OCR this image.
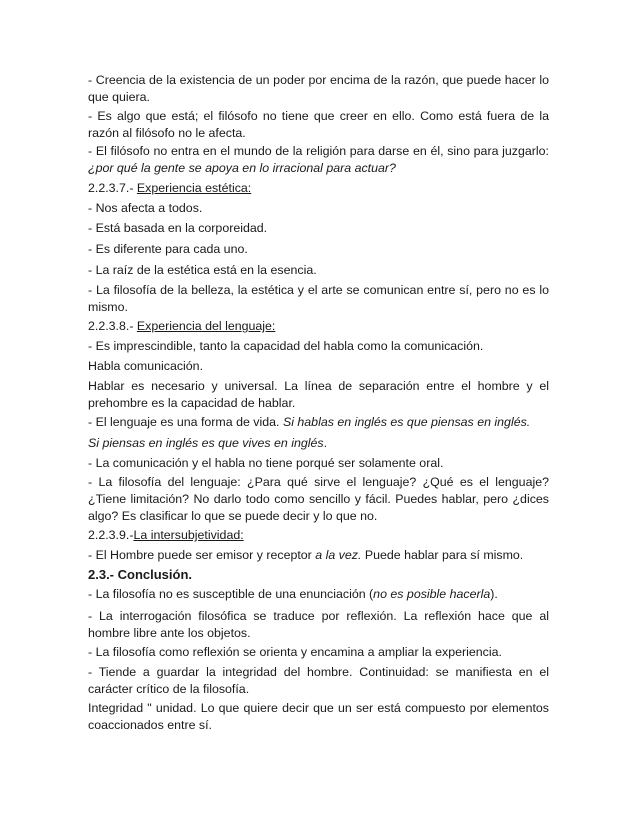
- Creencia de la existencia de un poder por encima de la razón, que puede hacer lo que quiera.

- Es algo que está; el filósofo no tiene que creer en ello. Como está fuera de la razón al filósofo no le afecta.

- El filósofo no entra en el mundo de la religión para darse en él, sino para juzgarlo: ¿por qué la gente se apoya en lo irracional para actuar?

2.2.3.7.- Experiencia estética:

- Nos afecta a todos.

- Está basada en la corporeidad.

- Es diferente para cada uno.

- La raíz de la estética está en la esencia.

- La filosofía de la belleza, la estética y el arte se comunican entre sí, pero no es lo mismo.

2.2.3.8.- Experiencia del lenguaje:

- Es imprescindible, tanto la capacidad del habla como la comunicación.

Habla comunicación.

Hablar es necesario y universal. La línea de separación entre el hombre y el prehombre es la capacidad de hablar.

- El lenguaje es una forma de vida. Si hablas en inglés es que piensas en inglés.

Si piensas en inglés es que vives en inglés.

- La comunicación y el habla no tiene porqué ser solamente oral.

- La filosofía del lenguaje: ¿Para qué sirve el lenguaje? ¿Qué es el lenguaje? ¿Tiene limitación? No darlo todo como sencillo y fácil. Puedes hablar, pero ¿dices algo? Es clasificar lo que se puede decir y lo que no.

2.2.3.9.-La intersubjetividad:

- El Hombre puede ser emisor y receptor a la vez. Puede hablar para sí mismo.

2.3.- Conclusión.

- La filosofía no es susceptible de una enunciación (no es posible hacerla).

- La interrogación filosófica se traduce por reflexión. La reflexión hace que al hombre libre ante los objetos.

- La filosofía como reflexión se orienta y encamina a ampliar la experiencia.

- Tiende a guardar la integridad del hombre. Continuidad: se manifiesta en el carácter crítico de la filosofía.

Integridad " unidad. Lo que quiere decir que un ser está compuesto por elementos coaccionados entre sí.
